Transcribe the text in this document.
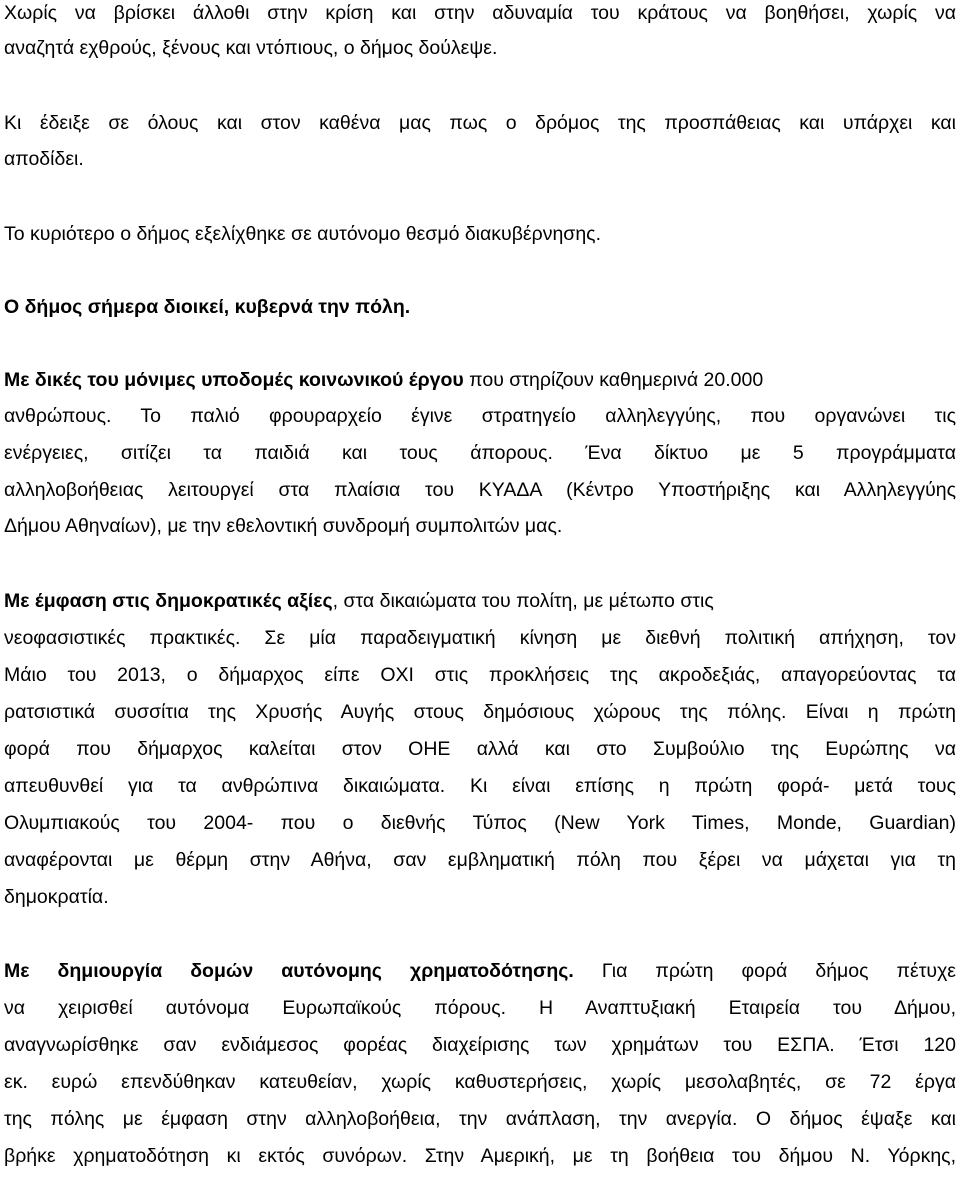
Χωρίς να βρίσκει άλλοθι στην κρίση και στην αδυναμία του κράτους να βοηθήσει, χωρίς να
αναζητά εχθρούς, ξένους και ντόπιους, ο δήμος δούλεψε.
Κι έδειξε σε όλους και στον καθένα μας πως ο δρόμος της προσπάθειας και υπάρχει και
αποδίδει.
Το κυριότερο ο δήμος εξελίχθηκε σε αυτόνομο θεσμό διακυβέρνησης.
Ο δήμος σήμερα διοικεί, κυβερνά την πόλη.
Με δικές του μόνιμες υποδομές κοινωνικού έργου που στηρίζουν καθημερινά 20.000
ανθρώπους. Το παλιό φρουραρχείο έγινε στρατηγείο αλληλεγγύης, που οργανώνει τις
ενέργειες, σιτίζει τα παιδιά και τους άπορους. Ένα δίκτυο με 5 προγράμματα
αλληλοβοήθειας λειτουργεί στα πλαίσια του ΚΥΑΔΑ (Κέντρο Υποστήριξης και Αλληλεγγύης
Δήμου Αθηναίων), με την εθελοντική συνδρομή συμπολιτών μας.
Με έμφαση στις δημοκρατικές αξίες, στα δικαιώματα του πολίτη, με μέτωπο στις
νεοφασιστικές πρακτικές. Σε μία παραδειγματική κίνηση με διεθνή πολιτική απήχηση, τον
Μάιο του 2013, ο δήμαρχος είπε ΟΧΙ στις προκλήσεις της ακροδεξιάς, απαγορεύοντας τα
ρατσιστικά συσσίτια της Χρυσής Αυγής στους δημόσιους χώρους της πόλης. Είναι η πρώτη
φορά που δήμαρχος καλείται στον ΟΗΕ αλλά και στο Συμβούλιο της Ευρώπης να
απευθυνθεί για τα ανθρώπινα δικαιώματα. Κι είναι επίσης η πρώτη φορά- μετά τους
Ολυμπιακούς του 2004- που ο διεθνής Τύπος (New York Times, Monde, Guardian)
αναφέρονται με θέρμη στην Αθήνα, σαν εμβληματική πόλη που ξέρει να μάχεται για τη
δημοκρατία.
Με δημιουργία δομών αυτόνομης χρηματοδότησης. Για πρώτη φορά δήμος πέτυχε
να χειρισθεί αυτόνομα Ευρωπαϊκούς πόρους. Η Αναπτυξιακή Εταιρεία του Δήμου,
αναγνωρίσθηκε σαν ενδιάμεσος φορέας διαχείρισης των χρημάτων του ΕΣΠΑ. Έτσι 120
εκ. ευρώ επενδύθηκαν κατευθείαν, χωρίς καθυστερήσεις, χωρίς μεσολαβητές, σε 72 έργα
της πόλης με έμφαση στην αλληλοβοήθεια, την ανάπλαση, την ανεργία. Ο δήμος έψαξε και
βρήκε χρηματοδότηση κι εκτός συνόρων. Στην Αμερική, με τη βοήθεια του δήμου Ν. Υόρκης,
